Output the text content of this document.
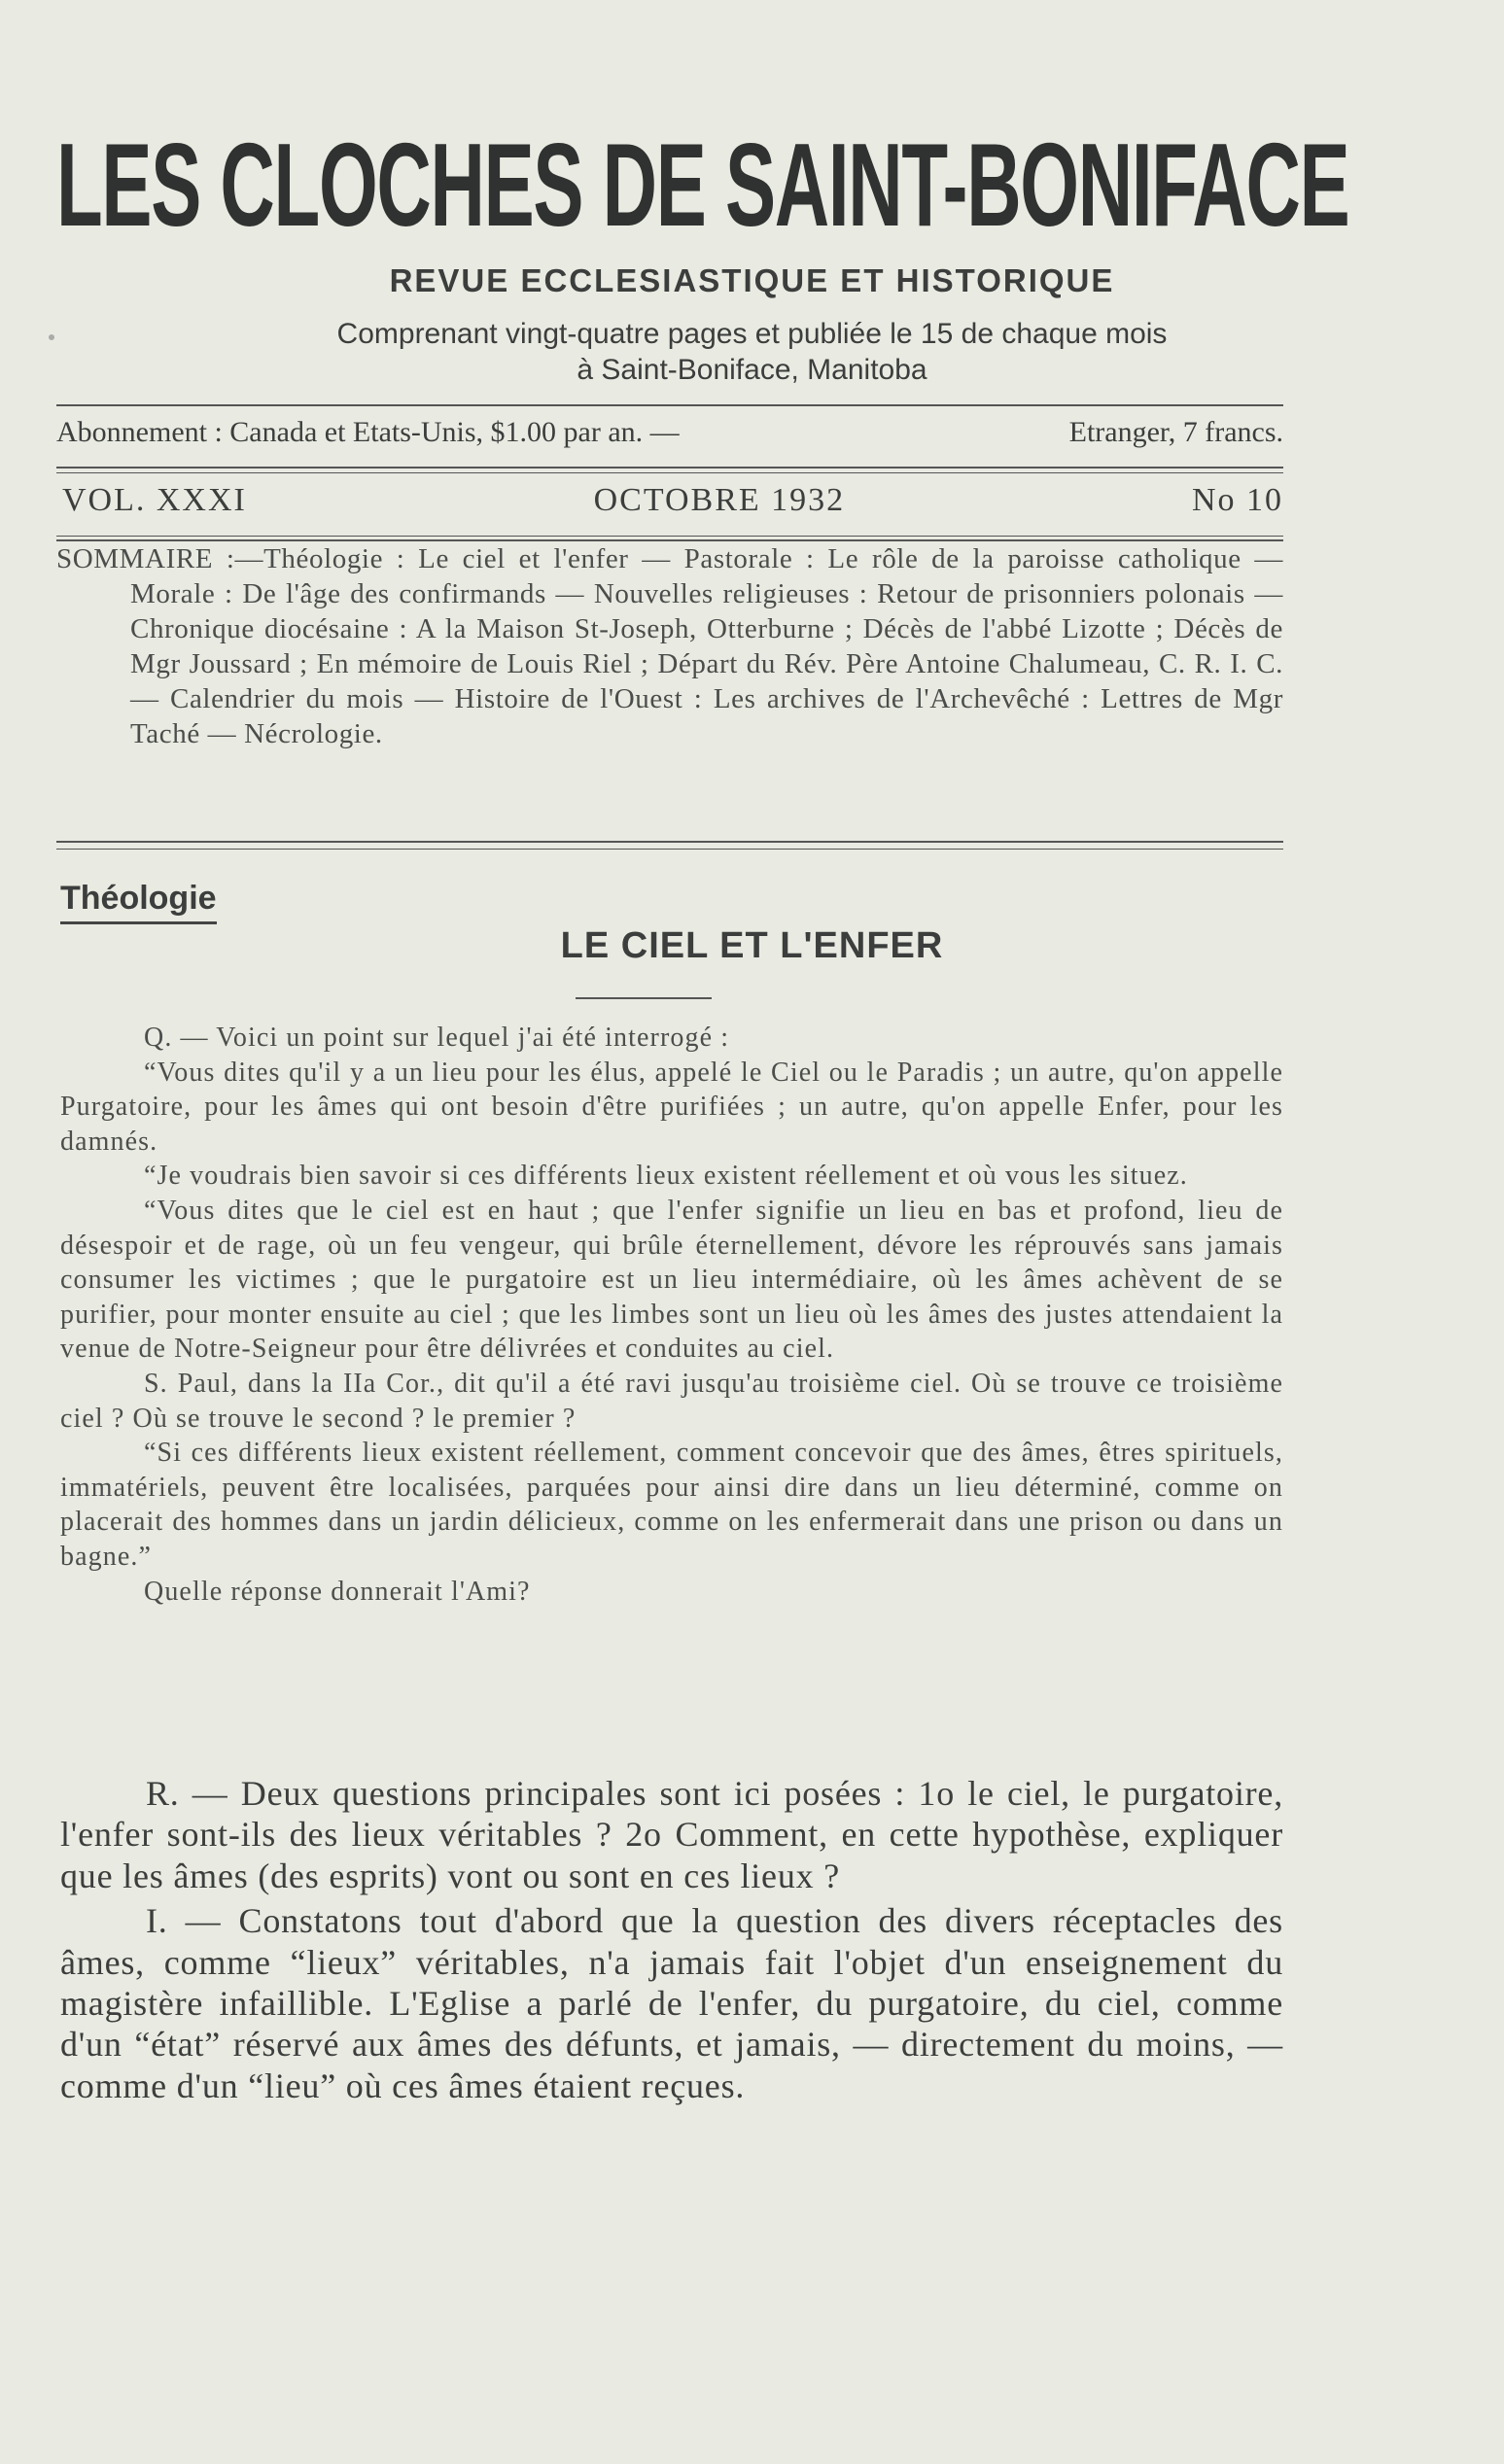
LES CLOCHES DE SAINT-BONIFACE
REVUE ECCLESIASTIQUE ET HISTORIQUE
Comprenant vingt-quatre pages et publiée le 15 de chaque mois
à Saint-Boniface, Manitoba
Abonnement : Canada et Etats-Unis, $1.00 par an. —	Etranger, 7 francs.
VOL. XXXI	OCTOBRE 1932	No 10
SOMMAIRE :—Théologie : Le ciel et l'enfer — Pastorale : Le rôle de la paroisse catholique — Morale : De l'âge des confirmands — Nouvelles religieuses : Retour de prisonniers polonais — Chronique diocésaine : A la Maison St-Joseph, Otterburne ; Décès de l'abbé Lizotte ; Décès de Mgr Joussard ; En mémoire de Louis Riel ; Départ du Rév. Père Antoine Chalumeau, C. R. I. C. — Calendrier du mois — Histoire de l'Ouest : Les archives de l'Archevêché : Lettres de Mgr Taché — Nécrologie.
Théologie
LE CIEL ET L'ENFER

Q. — Voici un point sur lequel j'ai été interrogé :

“Vous dites qu'il y a un lieu pour les élus, appelé le Ciel ou le Paradis ; un autre, qu'on appelle Purgatoire, pour les âmes qui ont besoin d'être purifiées ; un autre, qu'on appelle Enfer, pour les damnés.

“Je voudrais bien savoir si ces différents lieux existent réellement et où vous les situez.

“Vous dites que le ciel est en haut ; que l'enfer signifie un lieu en bas et profond, lieu de désespoir et de rage, où un feu vengeur, qui brûle éternellement, dévore les réprouvés sans jamais consumer les victimes ; que le purgatoire est un lieu intermédiaire, où les âmes achèvent de se purifier, pour monter ensuite au ciel ; que les limbes sont un lieu où les âmes des justes attendaient la venue de Notre-Seigneur pour être délivrées et conduites au ciel.

S. Paul, dans la IIa Cor., dit qu'il a été ravi jusqu'au troisième ciel. Où se trouve ce troisième ciel ? Où se trouve le second ? le premier ?

“Si ces différents lieux existent réellement, comment concevoir que des âmes, êtres spirituels, immatériels, peuvent être localisées, parquées pour ainsi dire dans un lieu déterminé, comme on placerait des hommes dans un jardin délicieux, comme on les enfermerait dans une prison ou dans un bagne.”

Quelle réponse donnerait l'Ami?

R. — Deux questions principales sont ici posées : 1o le ciel, le purgatoire, l'enfer sont-ils des lieux véritables ? 2o Comment, en cette hypothèse, expliquer que les âmes (des esprits) vont ou sont en ces lieux ?

I. — Constatons tout d'abord que la question des divers réceptacles des âmes, comme “lieux” véritables, n'a jamais fait l'objet d'un enseignement du magistère infaillible. L'Eglise a parlé de l'enfer, du purgatoire, du ciel, comme d'un “état” réservé aux âmes des défunts, et jamais, — directement du moins, — comme d'un “lieu” où ces âmes étaient reçues.
